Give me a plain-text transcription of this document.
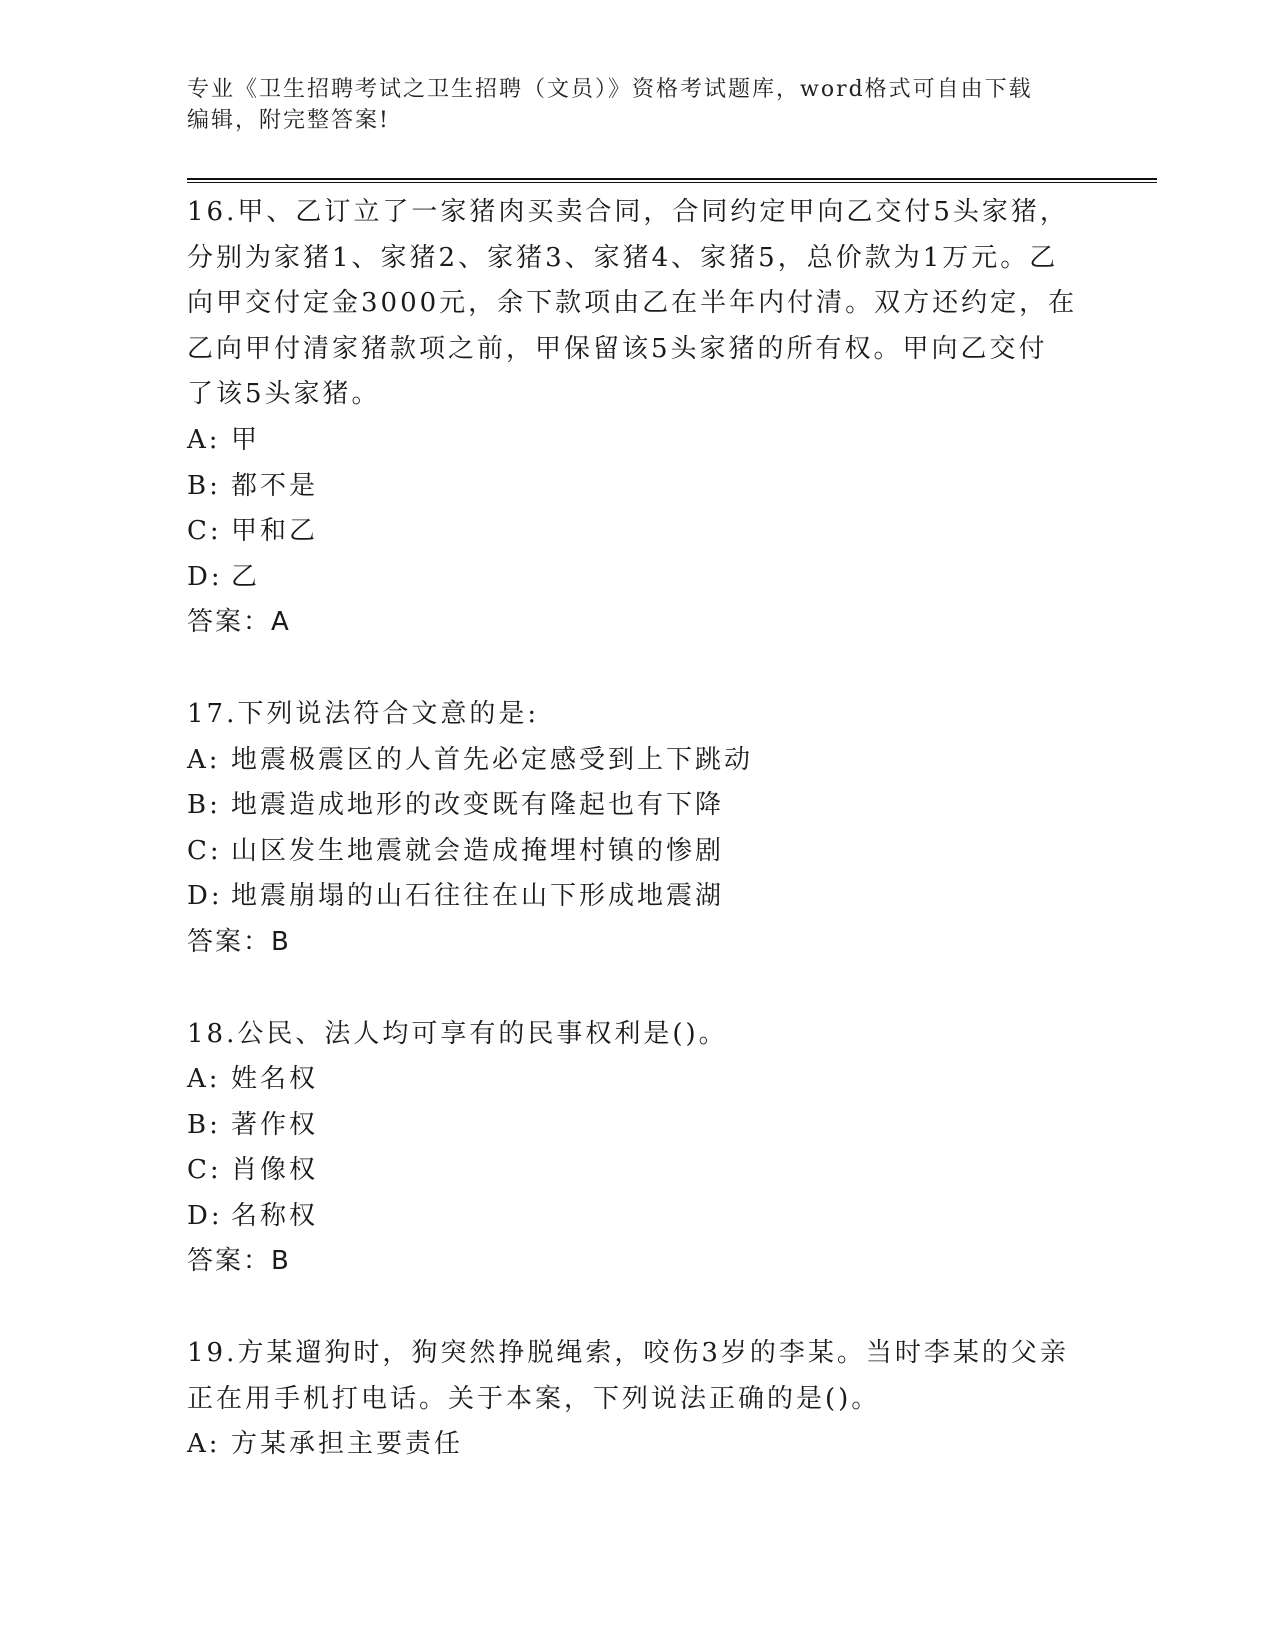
专业《卫生招聘考试之卫生招聘（文员）》资格考试题库，word格式可自由下载
编辑，附完整答案!

16.甲、乙订立了一家猪肉买卖合同，合同约定甲向乙交付5头家猪，

分别为家猪1、家猪2、家猪3、家猪4、家猪5，总价款为1万元。乙

向甲交付定金3000元，余下款项由乙在半年内付清。双方还约定，在

乙向甲付清家猪款项之前，甲保留该5头家猪的所有权。甲向乙交付

了该5头家猪。

A: 甲

B: 都不是

C: 甲和乙

D: 乙

答案：A

17.下列说法符合文意的是:

A: 地震极震区的人首先必定感受到上下跳动

B: 地震造成地形的改变既有隆起也有下降

C: 山区发生地震就会造成掩埋村镇的惨剧

D: 地震崩塌的山石往往在山下形成地震湖

答案：B

18.公民、法人均可享有的民事权利是()。

A: 姓名权

B: 著作权

C: 肖像权

D: 名称权

答案：B

19.方某遛狗时，狗突然挣脱绳索，咬伤3岁的李某。当时李某的父亲

正在用手机打电话。关于本案，下列说法正确的是()。

A: 方某承担主要责任
